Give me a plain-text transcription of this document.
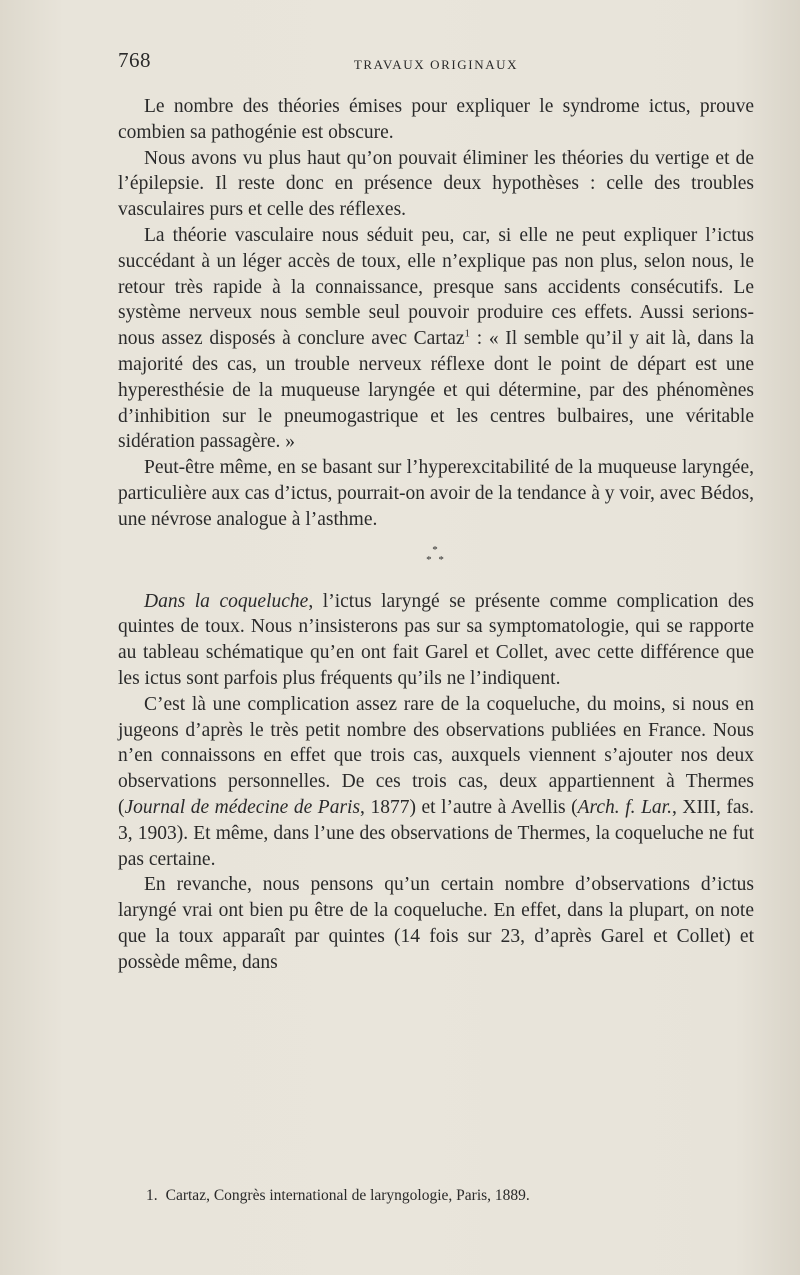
768	TRAVAUX ORIGINAUX

Le nombre des théories émises pour expliquer le syndrome ictus, prouve combien sa pathogénie est obscure.

Nous avons vu plus haut qu’on pouvait éliminer les théories du vertige et de l’épilepsie. Il reste donc en présence deux hypothèses : celle des troubles vasculaires purs et celle des réflexes.

La théorie vasculaire nous séduit peu, car, si elle ne peut expliquer l’ictus succédant à un léger accès de toux, elle n’explique pas non plus, selon nous, le retour très rapide à la connaissance, presque sans accidents consécutifs. Le système nerveux nous semble seul pouvoir produire ces effets. Aussi serions-nous assez disposés à conclure avec Cartaz$^1$ : « Il semble qu’il y ait là, dans la majorité des cas, un trouble nerveux réflexe dont le point de départ est une hyperesthésie de la muqueuse laryngée et qui détermine, par des phénomènes d’inhibition sur le pneumogastrique et les centres bulbaires, une véritable sidération passagère. »

Peut-être même, en se basant sur l’hyperexcitabilité de la muqueuse laryngée, particulière aux cas d’ictus, pourrait-on avoir de la tendance à y voir, avec Bédos, une névrose analogue à l’asthme.

*
* *

Dans la coqueluche, l’ictus laryngé se présente comme complication des quintes de toux. Nous n’insisterons pas sur sa symptomatologie, qui se rapporte au tableau schématique qu’en ont fait Garel et Collet, avec cette différence que les ictus sont parfois plus fréquents qu’ils ne l’indiquent.

C’est là une complication assez rare de la coqueluche, du moins, si nous en jugeons d’après le très petit nombre des observations publiées en France. Nous n’en connaissons en effet que trois cas, auxquels viennent s’ajouter nos deux observations personnelles. De ces trois cas, deux appartiennent à Thermes (Journal de médecine de Paris, 1877) et l’autre à Avellis (Arch. f. Lar., XIII, fas. 3, 1903). Et même, dans l’une des observations de Thermes, la coqueluche ne fut pas certaine.

En revanche, nous pensons qu’un certain nombre d’observations d’ictus laryngé vrai ont bien pu être de la coqueluche. En effet, dans la plupart, on note que la toux apparaît par quintes (14 fois sur 23, d’après Garel et Collet) et possède même, dans

1. Cartaz, Congrès international de laryngologie, Paris, 1889.
